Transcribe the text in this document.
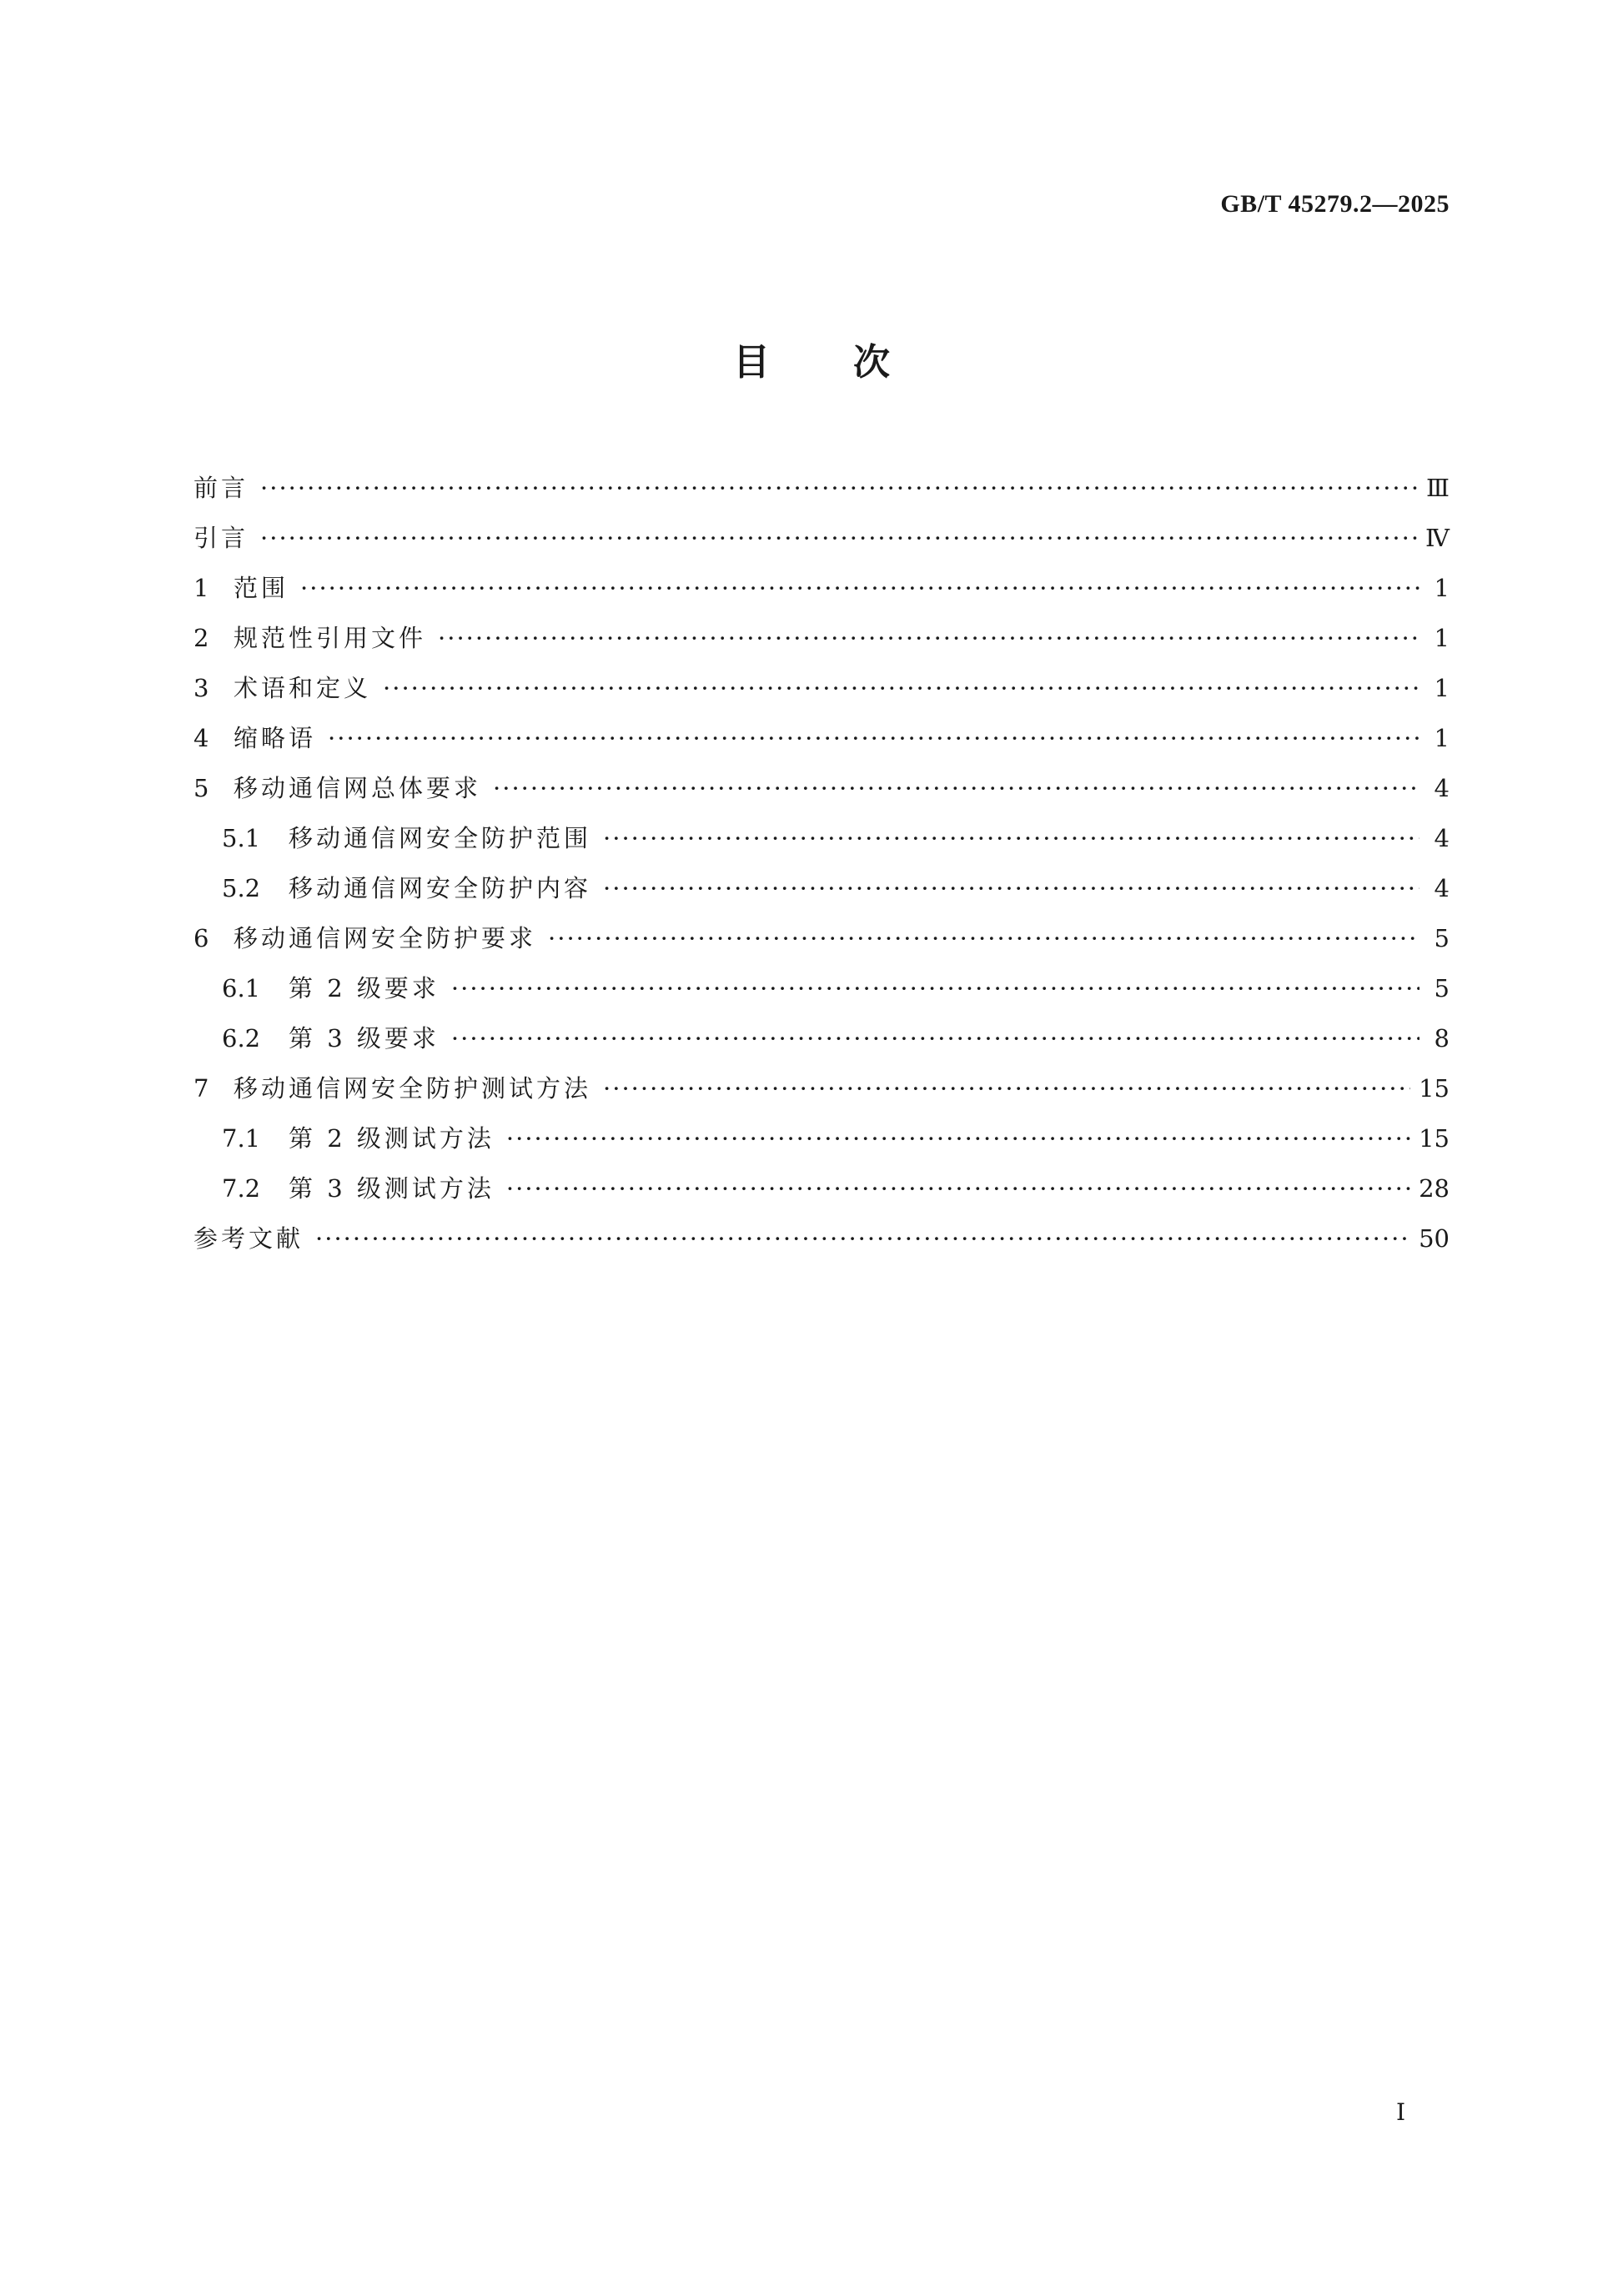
GB/T 45279.2—2025
目次
前言 ·····	Ⅲ
引言 ·····	Ⅳ
1	范围 ·····	1
2	规范性引用文件 ·····	1
3	术语和定义 ·····	1
4	缩略语 ·····	1
5	移动通信网总体要求 ·····	4
5.1	移动通信网安全防护范围 ·····	4
5.2	移动通信网安全防护内容 ·····	4
6	移动通信网安全防护要求 ·····	5
6.1	第 2 级要求 ·····	5
6.2	第 3 级要求 ·····	8
7	移动通信网安全防护测试方法 ·····	15
7.1	第 2 级测试方法 ·····	15
7.2	第 3 级测试方法 ·····	28
参考文献 ·····	50
Ⅰ
